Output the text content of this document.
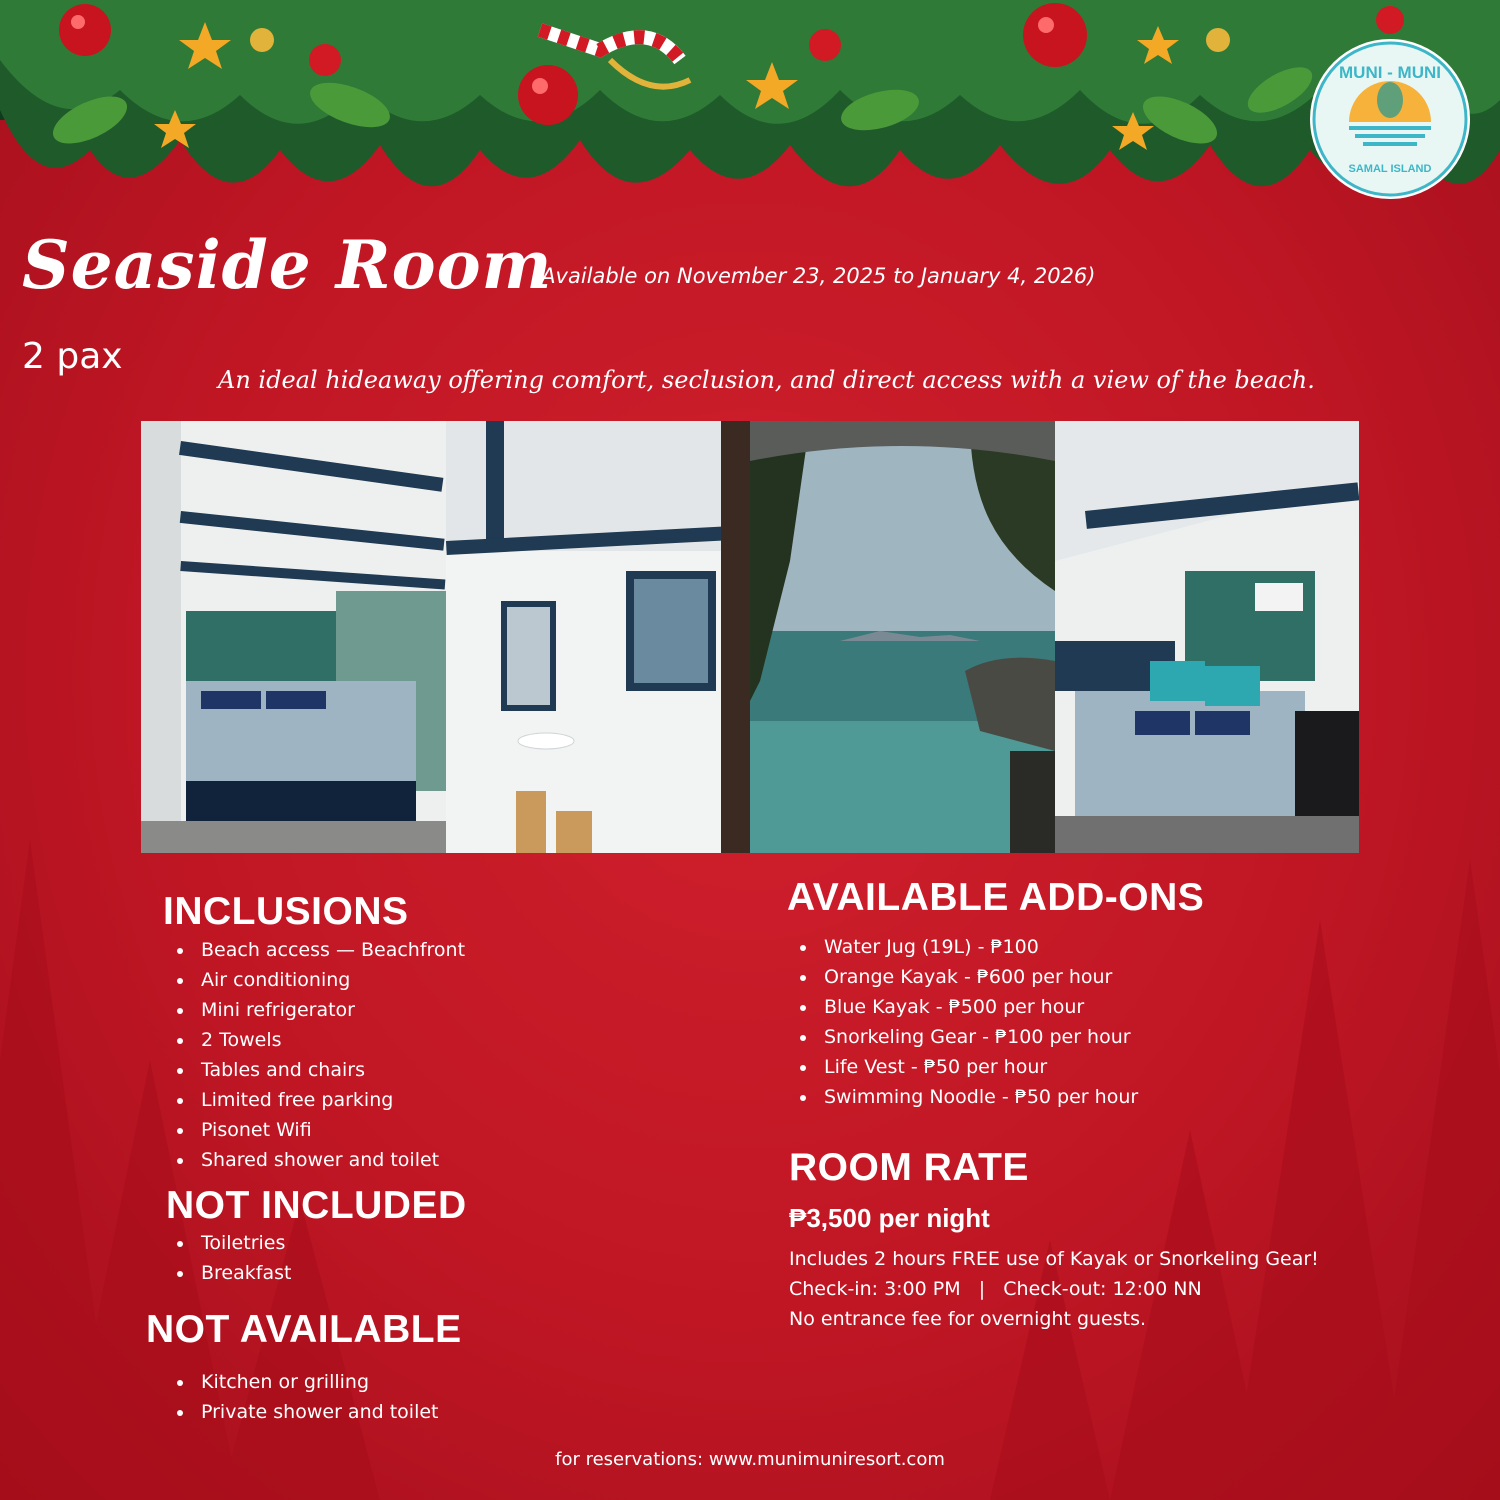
MUNI - MUNI
SAMAL ISLAND
Seaside Room
(Available on November 23, 2025 to January 4, 2026)
2 pax
An ideal hideaway offering comfort, seclusion, and direct access with a view of the beach.
INCLUSIONS
Beach access — Beachfront
Air conditioning
Mini refrigerator
2 Towels
Tables and chairs
Limited free parking
Pisonet Wifi
Shared shower and toilet
NOT INCLUDED
Toiletries
Breakfast
NOT AVAILABLE
Kitchen or grilling
Private shower and toilet
AVAILABLE ADD-ONS
Water Jug (19L) - ₱100
Orange Kayak - ₱600 per hour
Blue Kayak - ₱500 per hour
Snorkeling Gear - ₱100 per hour
Life Vest - ₱50 per hour
Swimming Noodle - ₱50 per hour
ROOM RATE
₱3,500 per night
Includes 2 hours FREE use of Kayak or Snorkeling Gear!
Check-in: 3:00 PM   |   Check-out: 12:00 NN
No entrance fee for overnight guests.
for reservations: www.munimuniresort.com
